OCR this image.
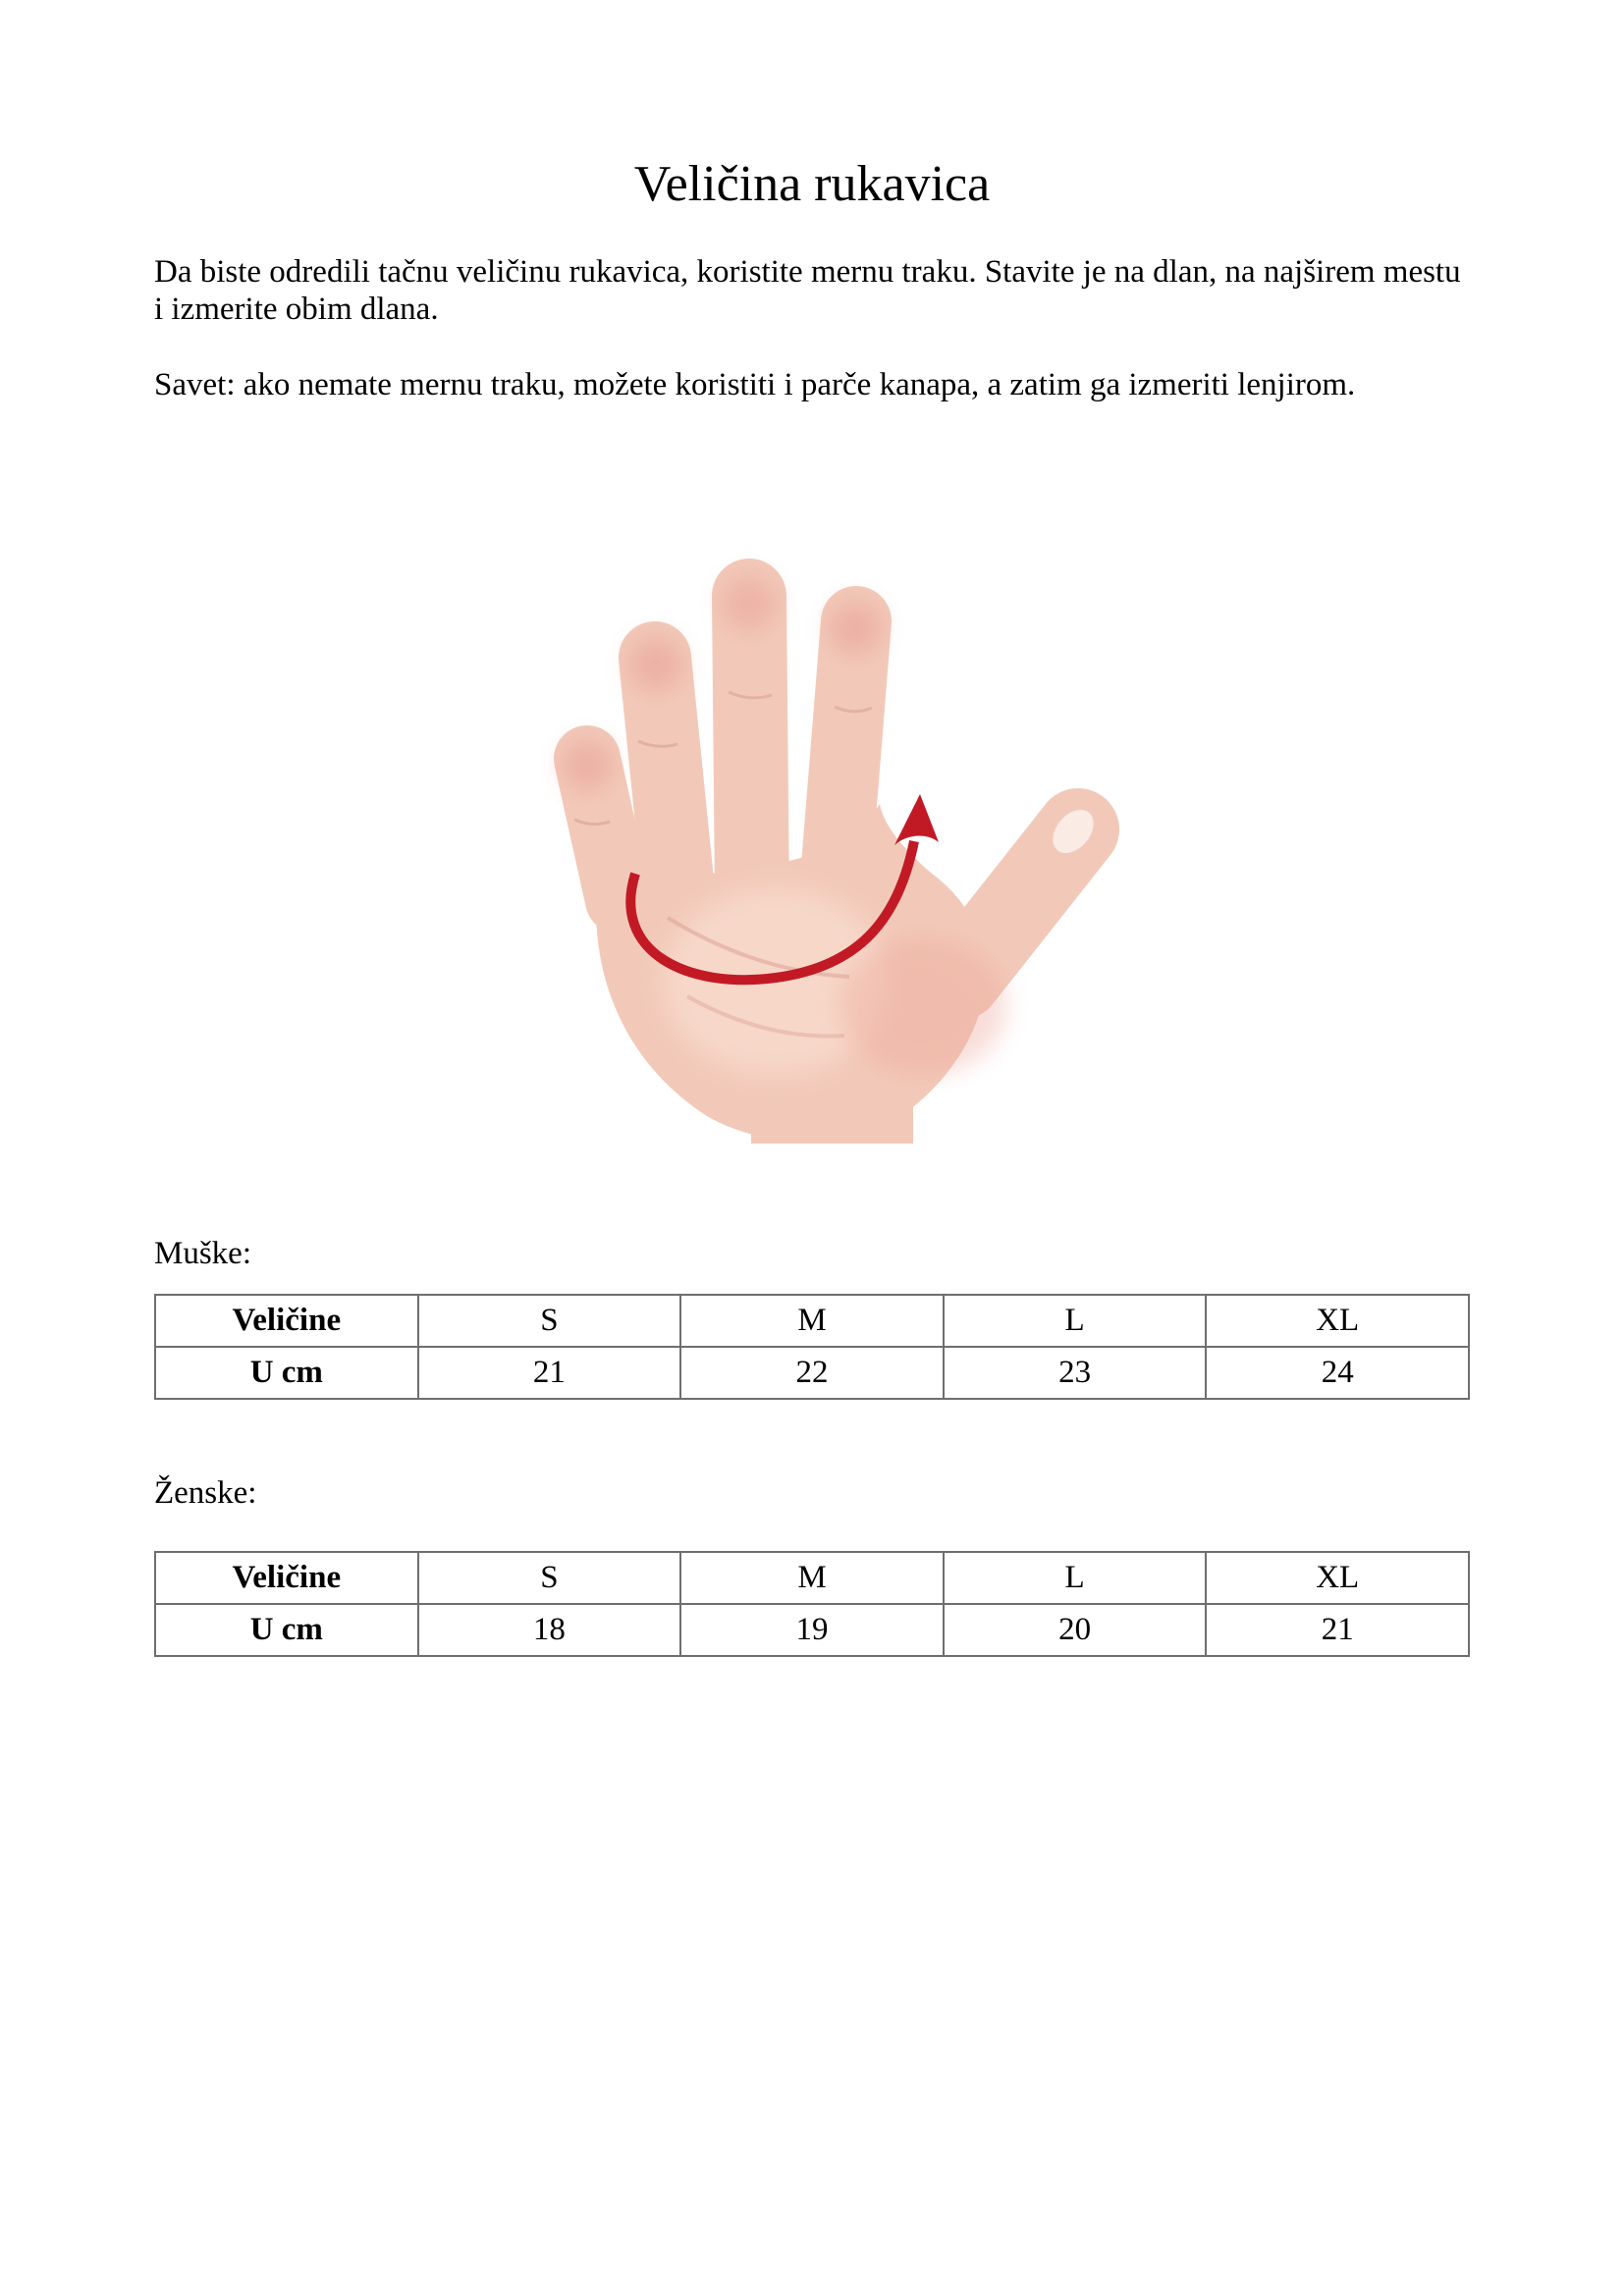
Veličina rukavica

Da biste odredili tačnu veličinu rukavica, koristite mernu traku. Stavite je na dlan, na najširem mestu i izmerite obim dlana.

Savet: ako nemate mernu traku, možete koristiti i parče kanapa, a zatim ga izmeriti lenjirom.

Muške:

Veličine	S	M	L	XL
U cm	21	22	23	24

Ženske:

Veličine	S	M	L	XL
U cm	18	19	20	21
